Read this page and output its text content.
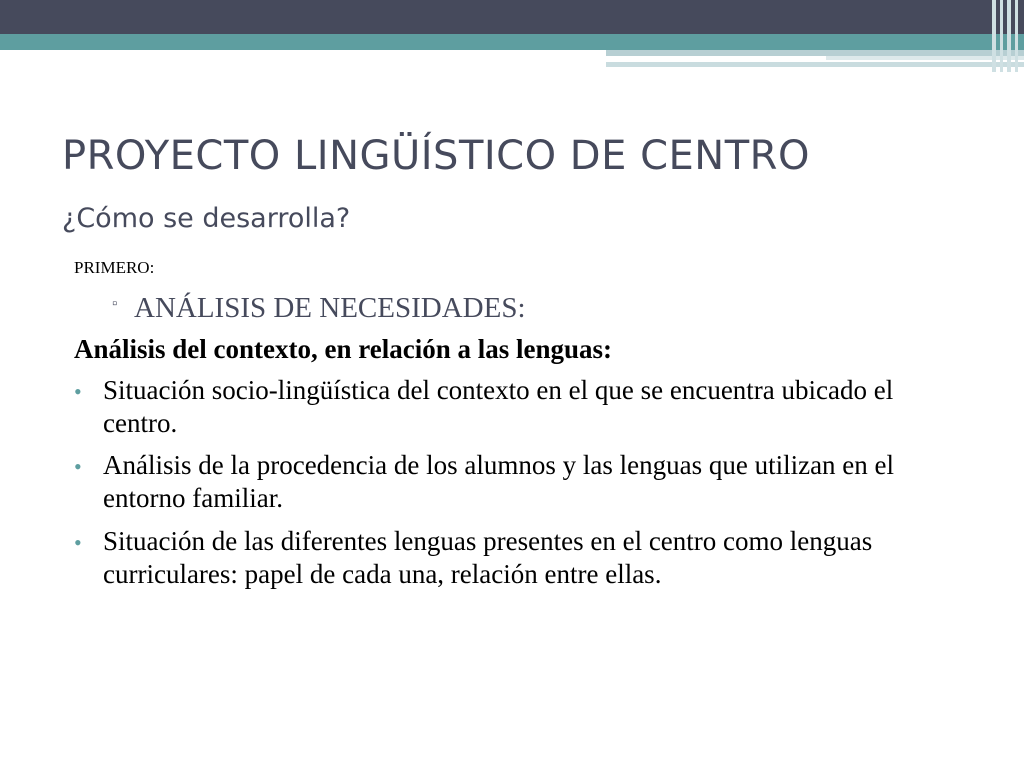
PROYECTO LINGÜÍSTICO DE CENTRO
¿Cómo se desarrolla?

PRIMERO:

▫ ANÁLISIS DE NECESIDADES:

Análisis del contexto, en relación a las lenguas:

• Situación socio-lingüística del contexto en el que se encuentra ubicado el centro.
• Análisis de la procedencia de los alumnos y las lenguas que utilizan en el entorno familiar.
• Situación de las diferentes lenguas presentes en el centro como lenguas curriculares: papel de cada una, relación entre ellas.
